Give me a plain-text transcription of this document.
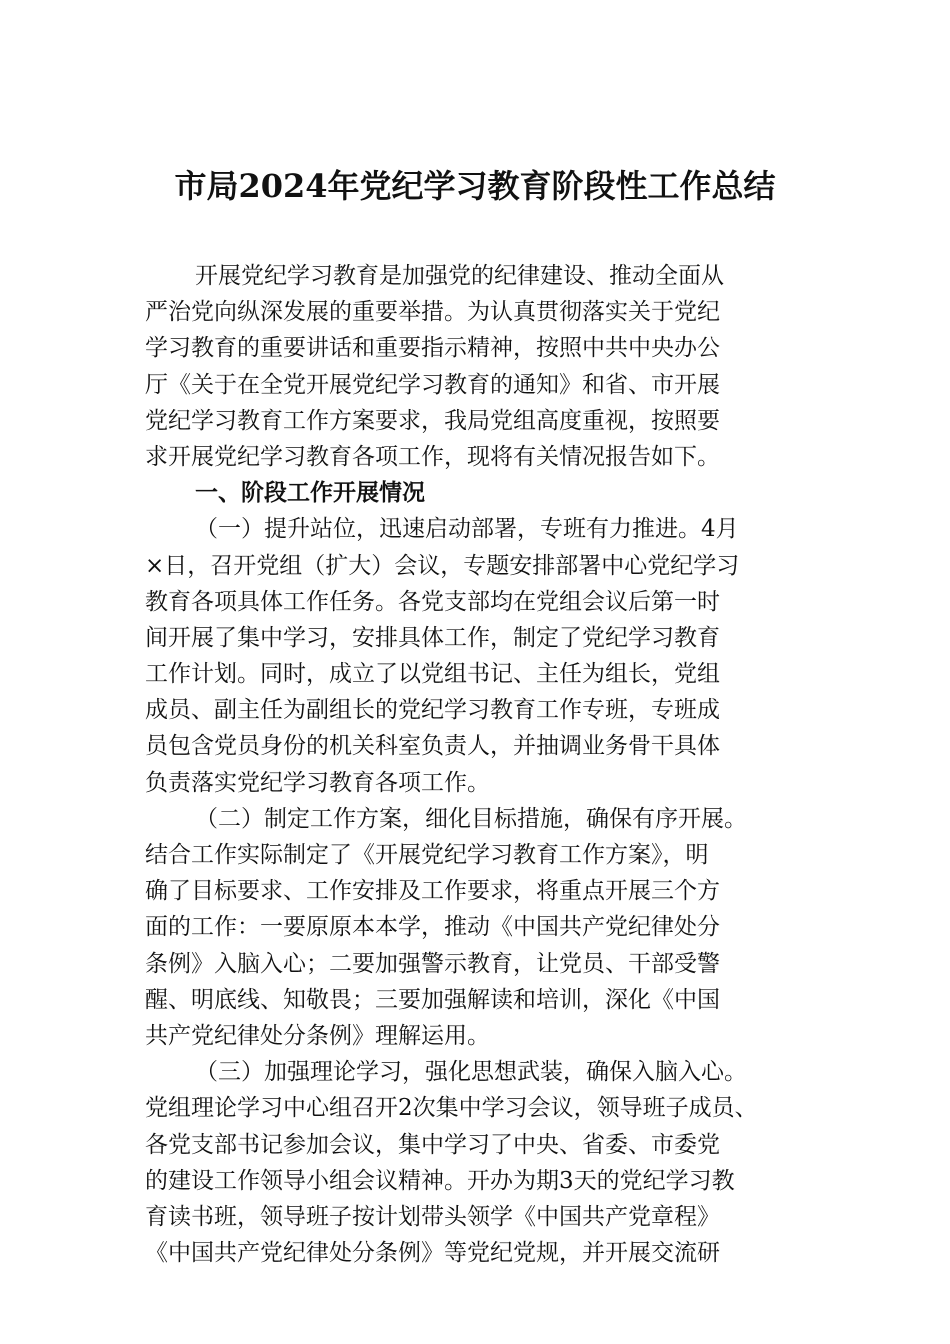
市局2024年党纪学习教育阶段性工作总结
开展党纪学习教育是加强党的纪律建设、推动全面从
严治党向纵深发展的重要举措。为认真贯彻落实关于党纪
学习教育的重要讲话和重要指示精神，按照中共中央办公
厅《关于在全党开展党纪学习教育的通知》和省、市开展
党纪学习教育工作方案要求，我局党组高度重视，按照要
求开展党纪学习教育各项工作，现将有关情况报告如下。
一、阶段工作开展情况
（一）提升站位，迅速启动部署，专班有力推进。4月
×日，召开党组（扩大）会议，专题安排部署中心党纪学习
教育各项具体工作任务。各党支部均在党组会议后第一时
间开展了集中学习，安排具体工作，制定了党纪学习教育
工作计划。同时，成立了以党组书记、主任为组长，党组
成员、副主任为副组长的党纪学习教育工作专班，专班成
员包含党员身份的机关科室负责人，并抽调业务骨干具体
负责落实党纪学习教育各项工作。
（二）制定工作方案，细化目标措施，确保有序开展。
结合工作实际制定了《开展党纪学习教育工作方案》，明
确了目标要求、工作安排及工作要求，将重点开展三个方
面的工作：一要原原本本学，推动《中国共产党纪律处分
条例》入脑入心；二要加强警示教育，让党员、干部受警
醒、明底线、知敬畏；三要加强解读和培训，深化《中国
共产党纪律处分条例》理解运用。
（三）加强理论学习，强化思想武装，确保入脑入心。
党组理论学习中心组召开2次集中学习会议，领导班子成员、
各党支部书记参加会议，集中学习了中央、省委、市委党
的建设工作领导小组会议精神。开办为期3天的党纪学习教
育读书班，领导班子按计划带头领学《中国共产党章程》
《中国共产党纪律处分条例》等党纪党规，并开展交流研
